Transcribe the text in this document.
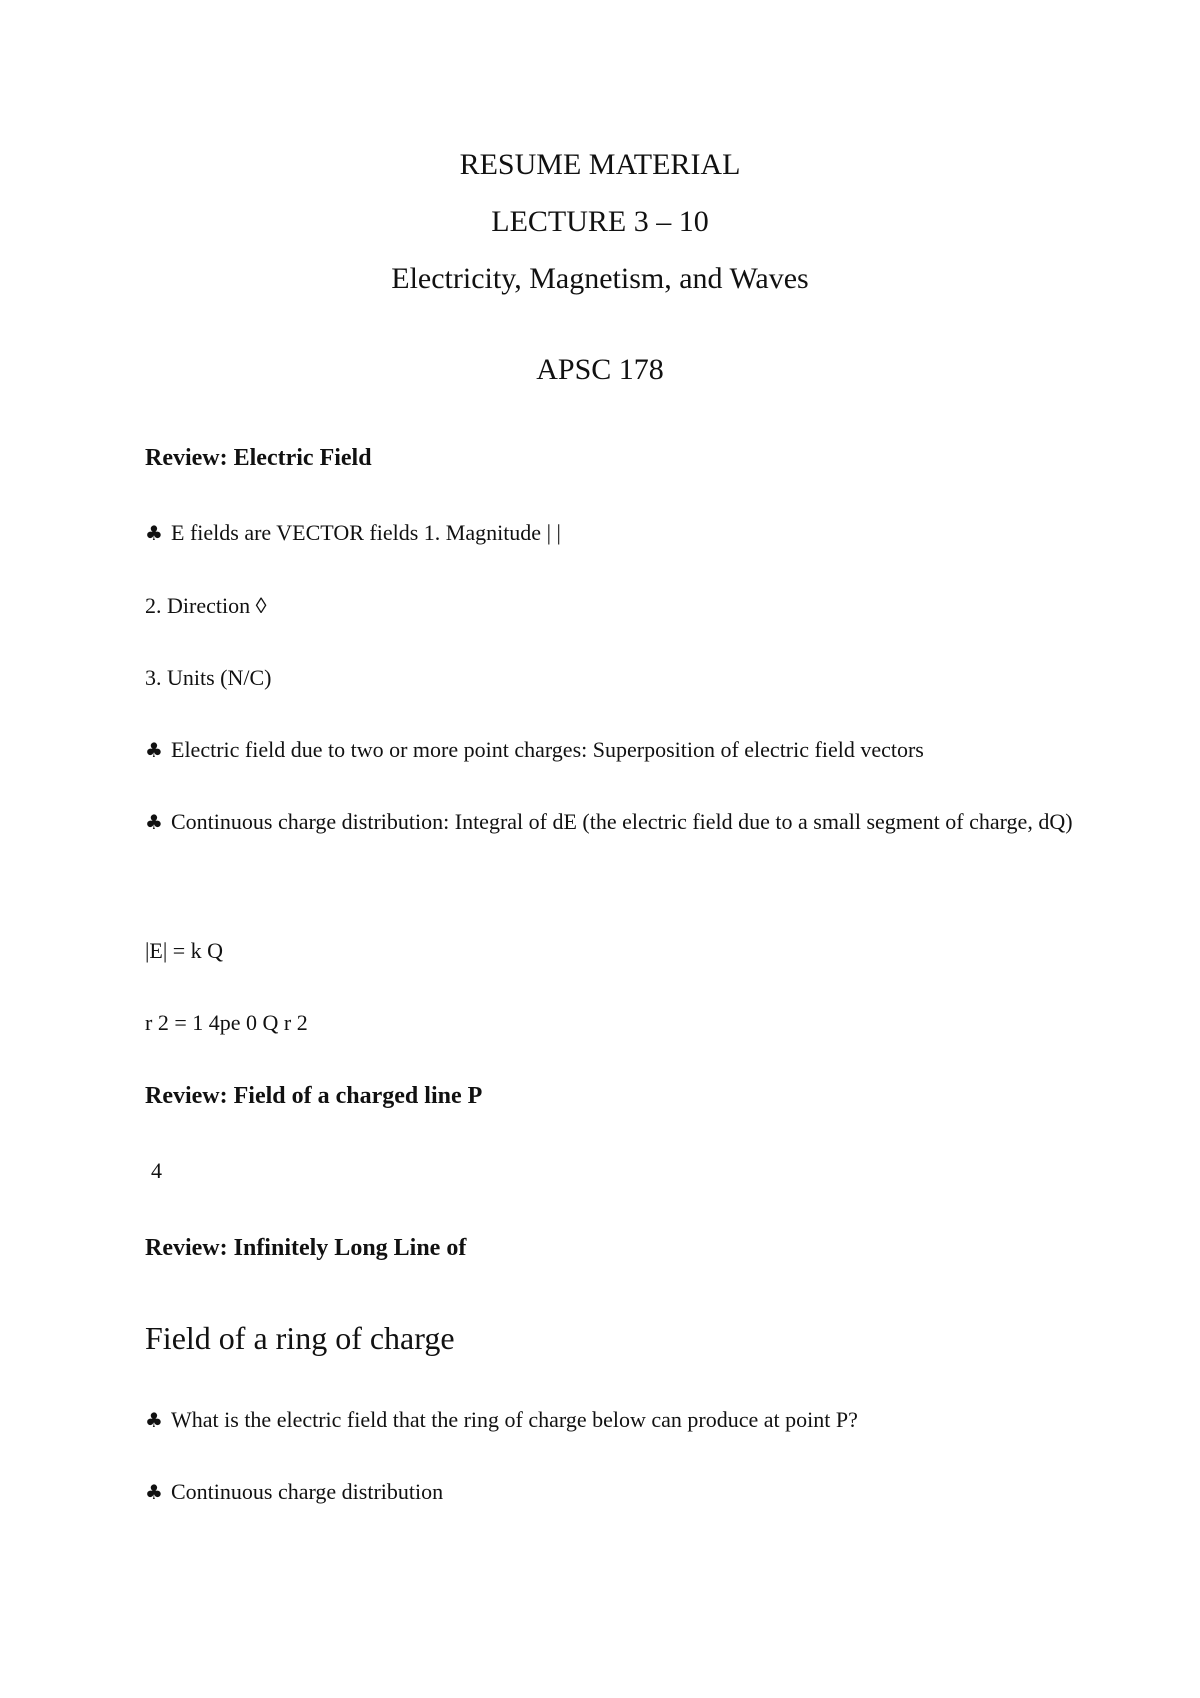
RESUME MATERIAL
LECTURE 3 – 10
Electricity, Magnetism, and Waves
APSC 178
Review: Electric Field
♣ E fields are VECTOR fields 1. Magnitude | |
2. Direction ◊
3. Units (N/C)
♣ Electric field due to two or more point charges: Superposition of electric field vectors
♣ Continuous charge distribution: Integral of dE (the electric field due to a small segment of charge, dQ)
|E| = k Q
r 2 = 1 4pe 0 Q r 2
Review: Field of a charged line P
4
Review: Infinitely Long Line of
Field of a ring of charge
♣ What is the electric field that the ring of charge below can produce at point P?
♣ Continuous charge distribution
